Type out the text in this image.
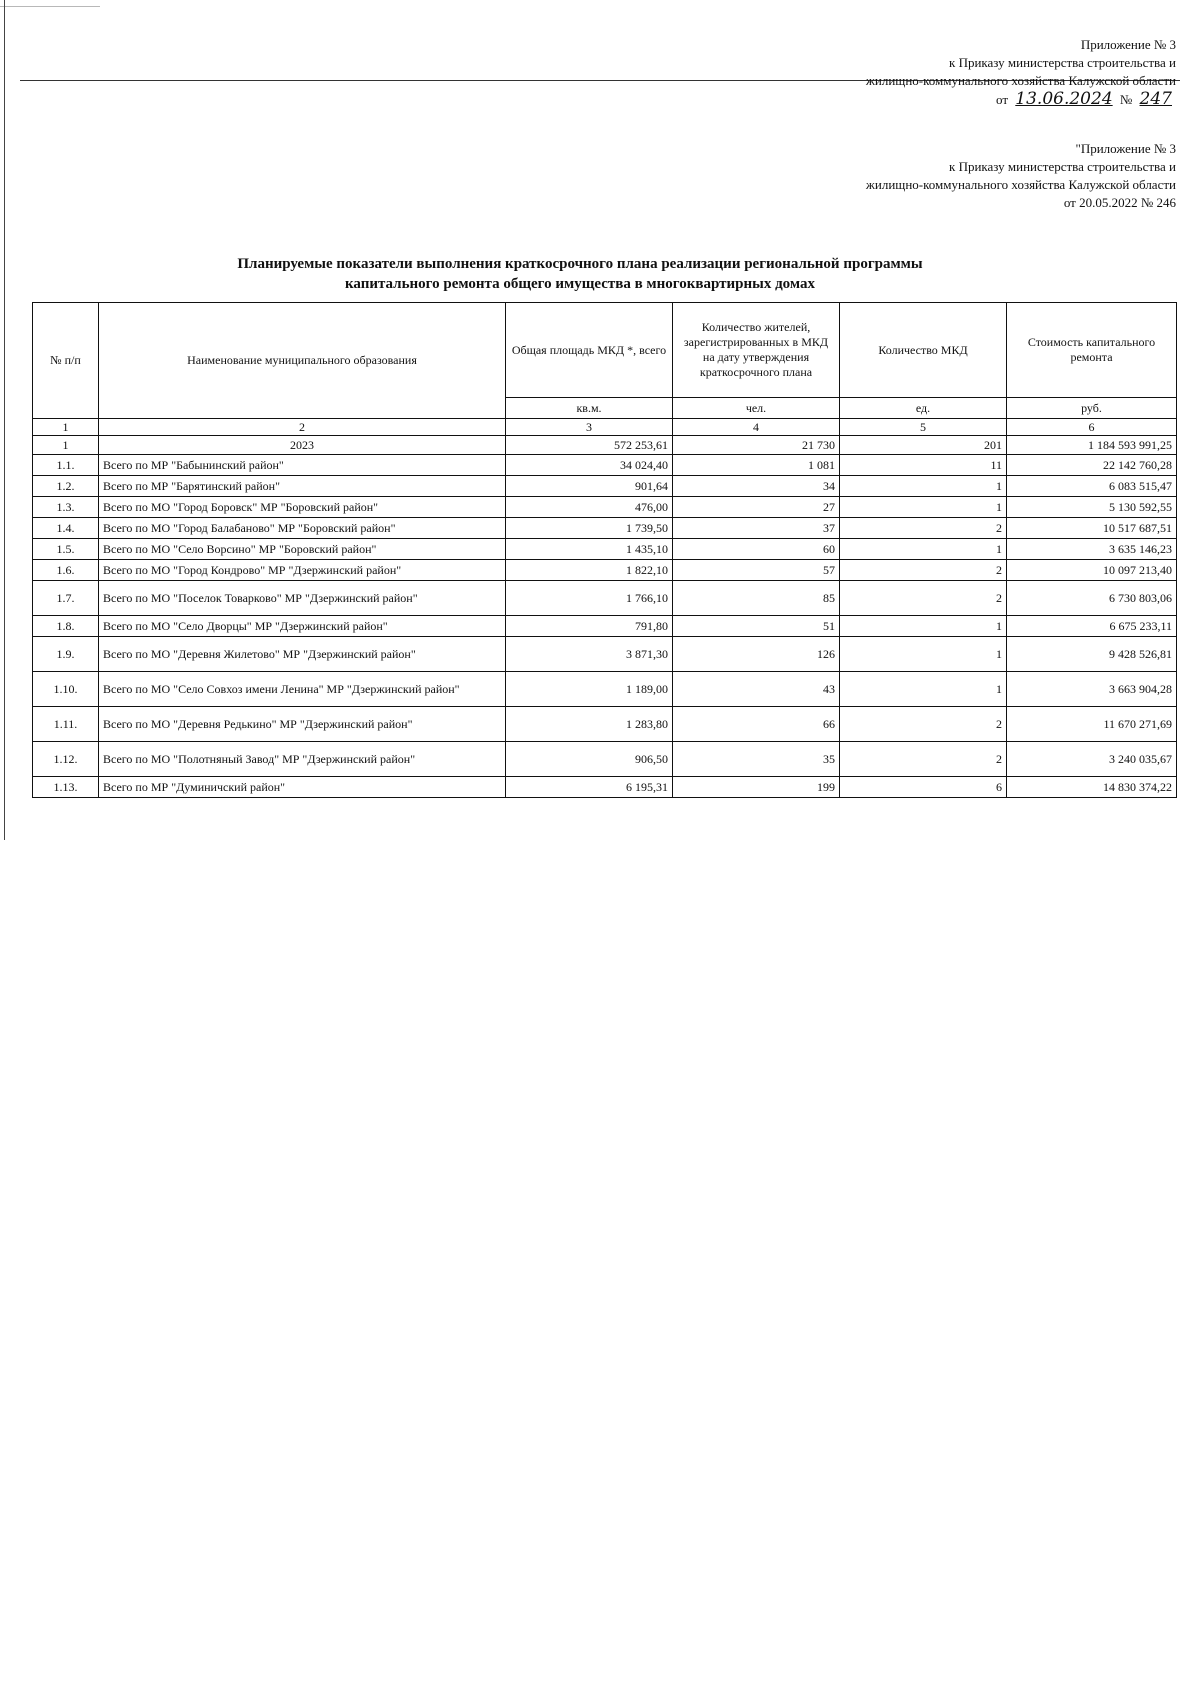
Приложение № 3
к Приказу министерства строительства и
жилищно-коммунального хозяйства Калужской области
от 13.06.2024 № 247
"Приложение № 3
к Приказу министерства строительства и
жилищно-коммунального хозяйства Калужской области
от 20.05.2022 № 246
Планируемые показатели выполнения краткосрочного плана реализации региональной программы
капитального ремонта общего имущества в многоквартирных домах
№ п/п	Наименование муниципального образования	Общая площадь МКД *, всего	Количество жителей, зарегистрированных в МКД на дату утверждения краткосрочного плана	Количество МКД	Стоимость капитального ремонта
		кв.м.	чел.	ед.	руб.
1	2	3	4	5	6
1	2023	572 253,61	21 730	201	1 184 593 991,25
1.1.	Всего по МР "Бабынинский район"	34 024,40	1 081	11	22 142 760,28
1.2.	Всего по МР "Барятинский район"	901,64	34	1	6 083 515,47
1.3.	Всего по МО "Город Боровск" МР "Боровский район"	476,00	27	1	5 130 592,55
1.4.	Всего по МО "Город Балабаново" МР "Боровский район"	1 739,50	37	2	10 517 687,51
1.5.	Всего по МО "Село Ворсино" МР "Боровский район"	1 435,10	60	1	3 635 146,23
1.6.	Всего по МО "Город Кондрово" МР "Дзержинский район"	1 822,10	57	2	10 097 213,40
1.7.	Всего по МО "Поселок Товарково" МР "Дзержинский район"	1 766,10	85	2	6 730 803,06
1.8.	Всего по МО "Село Дворцы" МР "Дзержинский район"	791,80	51	1	6 675 233,11
1.9.	Всего по МО "Деревня Жилетово" МР "Дзержинский район"	3 871,30	126	1	9 428 526,81
1.10.	Всего по МО "Село Совхоз имени Ленина" МР "Дзержинский район"	1 189,00	43	1	3 663 904,28
1.11.	Всего по МО "Деревня Редькино" МР "Дзержинский район"	1 283,80	66	2	11 670 271,69
1.12.	Всего по МО "Полотняный Завод" МР "Дзержинский район"	906,50	35	2	3 240 035,67
1.13.	Всего по МР "Думиничский район"	6 195,31	199	6	14 830 374,22
